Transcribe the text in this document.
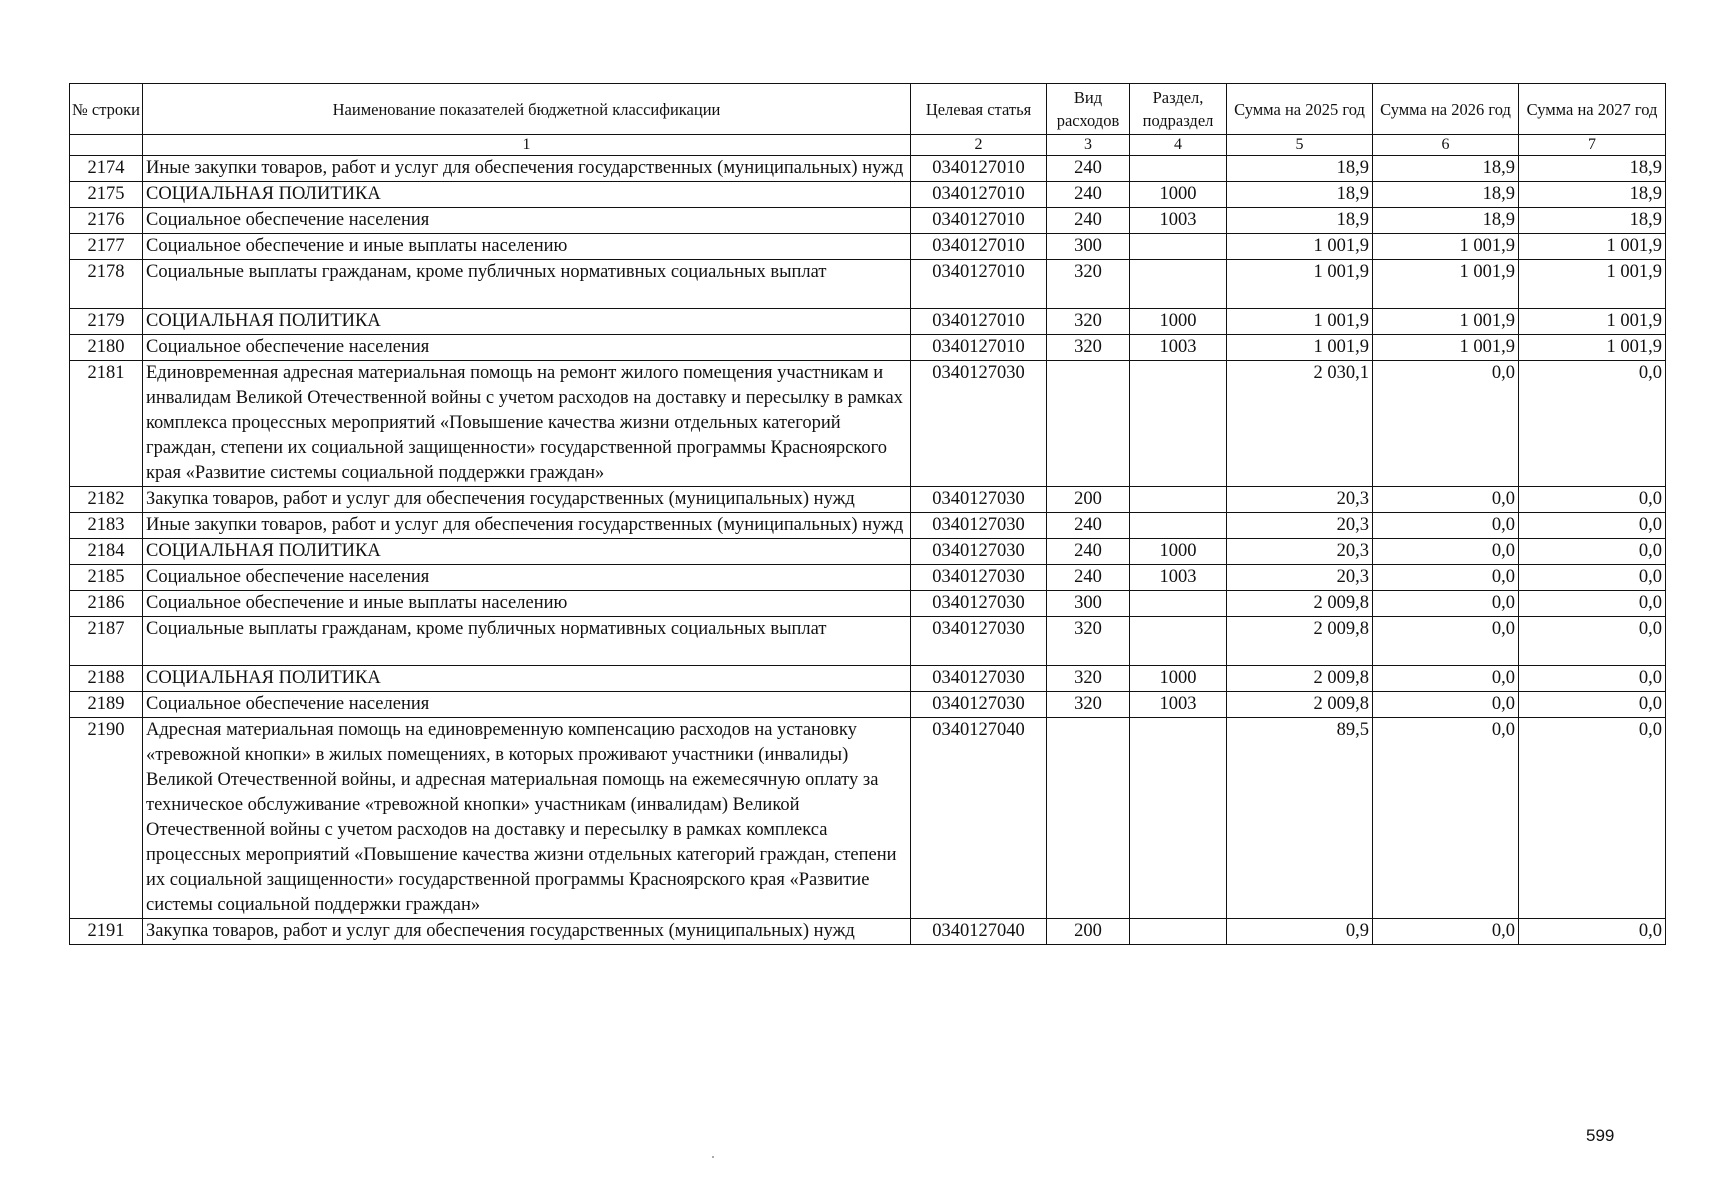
№ строки	Наименование показателей бюджетной классификации	Целевая статья	Вид расходов	Раздел, подраздел	Сумма на 2025 год	Сумма на 2026 год	Сумма на 2027 год
	1	2	3	4	5	6	7
2174	Иные закупки товаров, работ и услуг для обеспечения государственных (муниципальных) нужд	0340127010	240		18,9	18,9	18,9
2175	СОЦИАЛЬНАЯ ПОЛИТИКА	0340127010	240	1000	18,9	18,9	18,9
2176	Социальное обеспечение населения	0340127010	240	1003	18,9	18,9	18,9
2177	Социальное обеспечение и иные выплаты населению	0340127010	300		1 001,9	1 001,9	1 001,9
2178	Социальные выплаты гражданам, кроме публичных нормативных социальных выплат	0340127010	320		1 001,9	1 001,9	1 001,9
2179	СОЦИАЛЬНАЯ ПОЛИТИКА	0340127010	320	1000	1 001,9	1 001,9	1 001,9
2180	Социальное обеспечение населения	0340127010	320	1003	1 001,9	1 001,9	1 001,9
2181	Единовременная адресная материальная помощь на ремонт жилого помещения участникам и инвалидам Великой Отечественной войны с учетом расходов на доставку и пересылку в рамках комплекса процессных мероприятий «Повышение качества жизни отдельных категорий граждан, степени их социальной защищенности» государственной программы Красноярского края «Развитие системы социальной поддержки граждан»	0340127030			2 030,1	0,0	0,0
2182	Закупка товаров, работ и услуг для обеспечения государственных (муниципальных) нужд	0340127030	200		20,3	0,0	0,0
2183	Иные закупки товаров, работ и услуг для обеспечения государственных (муниципальных) нужд	0340127030	240		20,3	0,0	0,0
2184	СОЦИАЛЬНАЯ ПОЛИТИКА	0340127030	240	1000	20,3	0,0	0,0
2185	Социальное обеспечение населения	0340127030	240	1003	20,3	0,0	0,0
2186	Социальное обеспечение и иные выплаты населению	0340127030	300		2 009,8	0,0	0,0
2187	Социальные выплаты гражданам, кроме публичных нормативных социальных выплат	0340127030	320		2 009,8	0,0	0,0
2188	СОЦИАЛЬНАЯ ПОЛИТИКА	0340127030	320	1000	2 009,8	0,0	0,0
2189	Социальное обеспечение населения	0340127030	320	1003	2 009,8	0,0	0,0
2190	Адресная материальная помощь на единовременную компенсацию расходов на установку «тревожной кнопки» в жилых помещениях, в которых проживают участники (инвалиды) Великой Отечественной войны, и адресная материальная помощь на ежемесячную оплату за техническое обслуживание «тревожной кнопки» участникам (инвалидам) Великой Отечественной войны с учетом расходов на доставку и пересылку в рамках комплекса процессных мероприятий «Повышение качества жизни отдельных категорий граждан, степени их социальной защищенности» государственной программы Красноярского края «Развитие системы социальной поддержки граждан»	0340127040			89,5	0,0	0,0
2191	Закупка товаров, работ и услуг для обеспечения государственных (муниципальных) нужд	0340127040	200		0,9	0,0	0,0
599
